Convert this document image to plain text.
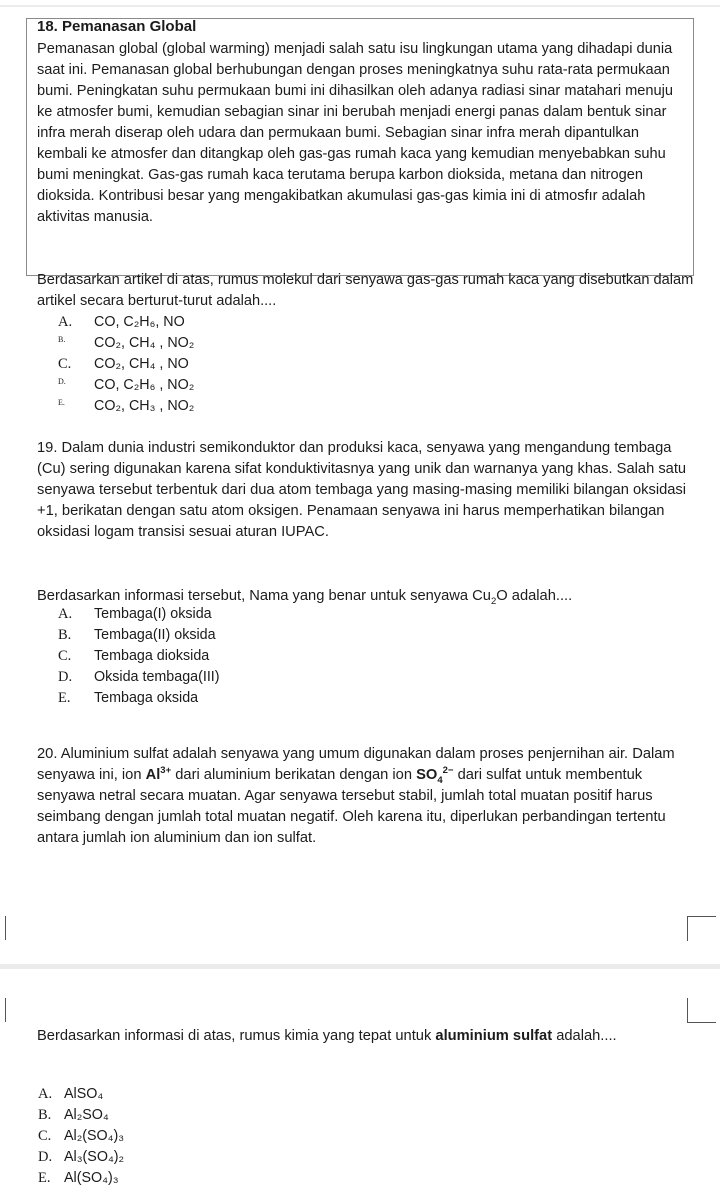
18. Pemanasan Global
Pemanasan global (global warming) menjadi salah satu isu lingkungan utama yang dihadapi dunia saat ini. Pemanasan global berhubungan dengan proses meningkatnya suhu rata-rata permukaan bumi. Peningkatan suhu permukaan bumi ini dihasilkan oleh adanya radiasi sinar matahari menuju ke atmosfer bumi, kemudian sebagian sinar ini berubah menjadi energi panas dalam bentuk sinar infra merah diserap oleh udara dan permukaan bumi. Sebagian sinar infra merah dipantulkan kembali ke atmosfer dan ditangkap oleh gas-gas rumah kaca yang kemudian menyebabkan suhu bumi meningkat. Gas-gas rumah kaca terutama berupa karbon dioksida, metana dan nitrogen dioksida. Kontribusi besar yang mengakibatkan akumulasi gas-gas kimia ini di atmosfır adalah aktivitas manusia.
Berdasarkan artikel di atas, rumus molekul dari senyawa gas-gas rumah kaca yang disebutkan dalam artikel secara berturut-turut adalah....
A. CO, C₂H₆, NO
B. CO₂, CH₄ , NO₂
C. CO₂, CH₄ , NO
D. CO, C₂H₆ , NO₂
E. CO₂, CH₃ , NO₂
19. Dalam dunia industri semikonduktor dan produksi kaca, senyawa yang mengandung tembaga (Cu) sering digunakan karena sifat konduktivitasnya yang unik dan warnanya yang khas. Salah satu senyawa tersebut terbentuk dari dua atom tembaga yang masing-masing memiliki bilangan oksidasi +1, berikatan dengan satu atom oksigen. Penamaan senyawa ini harus memperhatikan bilangan oksidasi logam transisi sesuai aturan IUPAC.
Berdasarkan informasi tersebut, Nama yang benar untuk senyawa $Cu_2O$ adalah....
A. Tembaga(I) oksida
B. Tembaga(II) oksida
C. Tembaga dioksida
D. Oksida tembaga(III)
E. Tembaga oksida
20. Aluminium sulfat adalah senyawa yang umum digunakan dalam proses penjernihan air. Dalam senyawa ini, ion $Al^{3+}$ dari aluminium berikatan dengan ion $SO_4^{2-}$ dari sulfat untuk membentuk senyawa netral secara muatan. Agar senyawa tersebut stabil, jumlah total muatan positif harus seimbang dengan jumlah total muatan negatif. Oleh karena itu, diperlukan perbandingan tertentu antara jumlah ion aluminium dan ion sulfat.
Berdasarkan informasi di atas, rumus kimia yang tepat untuk aluminium sulfat adalah....
A. AlSO₄
B. Al₂SO₄
C. Al₂(SO₄)₃
D. Al₃(SO₄)₂
E. Al(SO₄)₃
